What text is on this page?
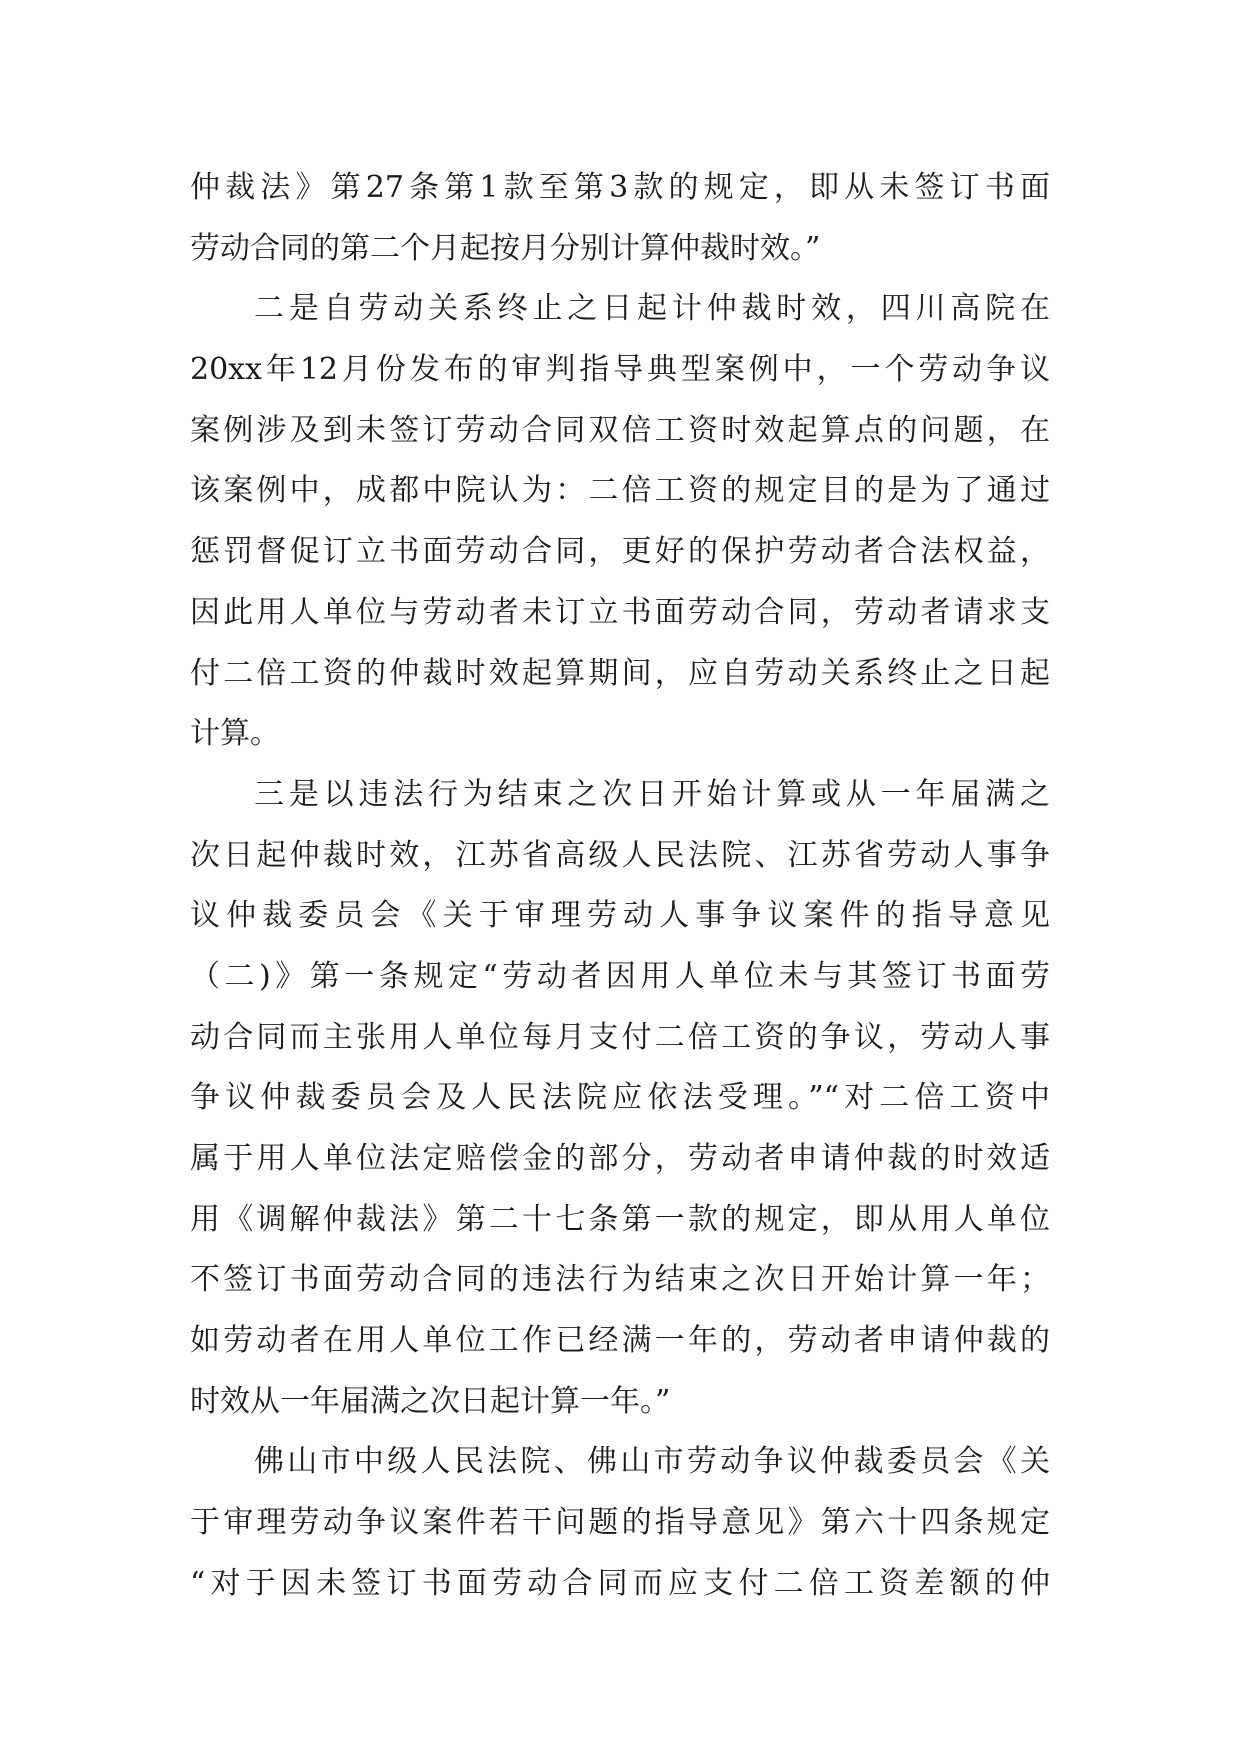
仲裁法》第27条第1款至第3款的规定，即从未签订书面
劳动合同的第二个月起按月分别计算仲裁时效。”
二是自劳动关系终止之日起计仲裁时效，四川高院在
20xx年12月份发布的审判指导典型案例中，一个劳动争议
案例涉及到未签订劳动合同双倍工资时效起算点的问题，在
该案例中，成都中院认为：二倍工资的规定目的是为了通过
惩罚督促订立书面劳动合同，更好的保护劳动者合法权益，
因此用人单位与劳动者未订立书面劳动合同，劳动者请求支
付二倍工资的仲裁时效起算期间，应自劳动关系终止之日起
计算。
三是以违法行为结束之次日开始计算或从一年届满之
次日起仲裁时效，江苏省高级人民法院、江苏省劳动人事争
议仲裁委员会《关于审理劳动人事争议案件的指导意见
（二)》第一条规定“劳动者因用人单位未与其签订书面劳
动合同而主张用人单位每月支付二倍工资的争议，劳动人事
争议仲裁委员会及人民法院应依法受理。”“对二倍工资中
属于用人单位法定赔偿金的部分，劳动者申请仲裁的时效适
用《调解仲裁法》第二十七条第一款的规定，即从用人单位
不签订书面劳动合同的违法行为结束之次日开始计算一年；
如劳动者在用人单位工作已经满一年的，劳动者申请仲裁的
时效从一年届满之次日起计算一年。”
佛山市中级人民法院、佛山市劳动争议仲裁委员会《关
于审理劳动争议案件若干问题的指导意见》第六十四条规定
“对于因未签订书面劳动合同而应支付二倍工资差额的仲
